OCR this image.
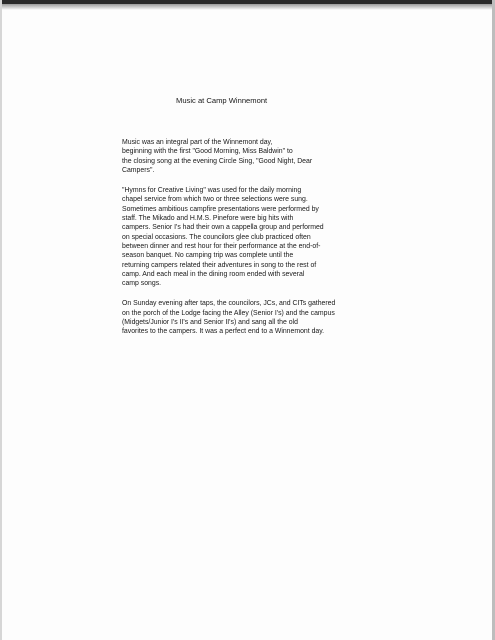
Music at Camp Winnemont
Music was an integral part of the Winnemont day,
beginning with the first "Good Morning, Miss Baldwin" to
the closing song at the evening Circle Sing, "Good Night, Dear
Campers".
"Hymns for Creative Living" was used for the daily morning
chapel service from which two or three selections were sung.
Sometimes ambitious campfire presentations were performed by
staff. The Mikado and H.M.S. Pinefore were big hits with
campers. Senior I's had their own a cappella group and performed
on special occasions. The councilors glee club practiced often
between dinner and rest hour for their performance at the end-of-
season banquet. No camping trip was complete until the
returning campers related their adventures in song to the rest of
camp. And each meal in the dining room ended with several
camp songs.
On Sunday evening after taps, the councilors, JCs, and CITs gathered
on the porch of the Lodge facing the Alley (Senior I's) and the campus
(Midgets/Junior I's II's and Senior II's) and sang all the old
favorites to the campers. It was a perfect end to a Winnemont day.
